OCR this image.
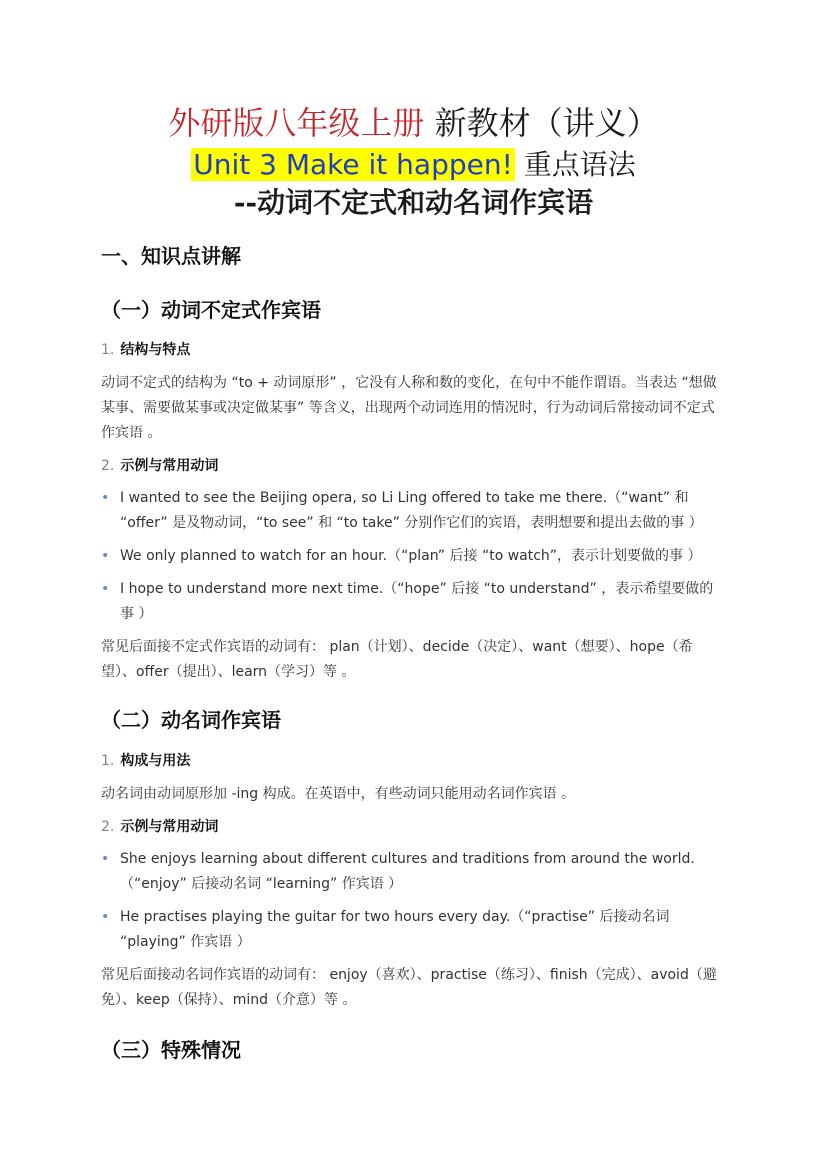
外研版八年级上册 新教材（讲义）
Unit 3 Make it happen! 重点语法
--动词不定式和动名词作宾语
一、知识点讲解
（一）动词不定式作宾语
1. 结构与特点
动词不定式的结构为 “to + 动词原形” ，它没有人称和数的变化，在句中不能作谓语。当表达 “想做某事、需要做某事或决定做某事” 等含义，出现两个动词连用的情况时，行为动词后常接动词不定式作宾语 。
2. 示例与常用动词
• I wanted to see the Beijing opera, so Li Ling offered to take me there.（“want” 和 “offer” 是及物动词，“to see” 和 “to take” 分别作它们的宾语，表明想要和提出去做的事 ）
• We only planned to watch for an hour.（“plan” 后接 “to watch”，表示计划要做的事 ）
• I hope to understand more next time.（“hope” 后接 “to understand” ，表示希望要做的事 ）
常见后面接不定式作宾语的动词有： plan（计划）、decide（决定）、want（想要）、hope（希望）、offer（提出）、learn（学习）等 。
（二）动名词作宾语
1. 构成与用法
动名词由动词原形加 -ing 构成。在英语中，有些动词只能用动名词作宾语 。
2. 示例与常用动词
• She enjoys learning about different cultures and traditions from around the world.（“enjoy” 后接动名词 “learning” 作宾语 ）
• He practises playing the guitar for two hours every day.（“practise” 后接动名词 “playing” 作宾语 ）
常见后面接动名词作宾语的动词有： enjoy（喜欢）、practise（练习）、finish（完成）、avoid（避免）、keep（保持）、mind（介意）等 。
（三）特殊情况
